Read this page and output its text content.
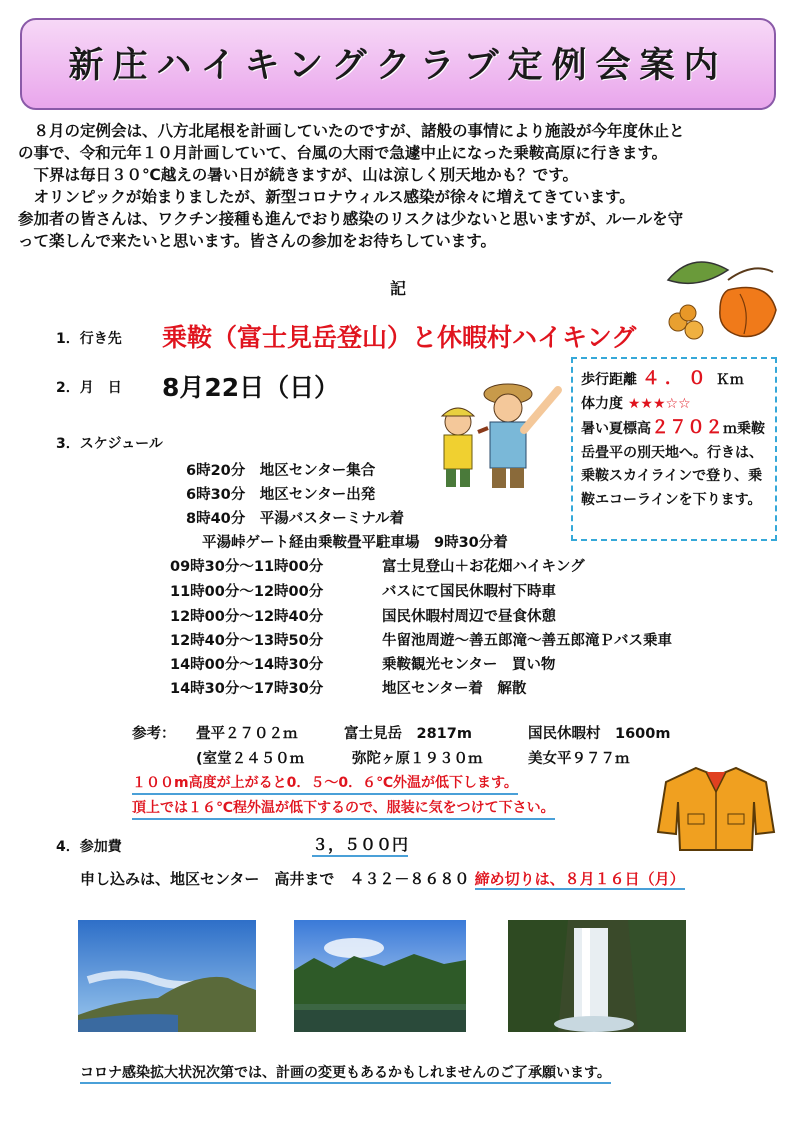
新庄ハイキングクラブ定例会案内

　８月の定例会は、八方北尾根を計画していたのですが、諸般の事情により施設が今年度休止と

の事で、令和元年１０月計画していて、台風の大雨で急遽中止になった乗鞍高原に行きます。

　下界は毎日３０℃越えの暑い日が続きますが、山は涼しく別天地かも？です。

　オリンピックが始まりましたが、新型コロナウィルス感染が徐々に増えてきています。

参加者の皆さんは、ワクチン接種も進んでおり感染のリスクは少ないと思いますが、ルールを守

って楽しんで来たいと思います。皆さんの参加をお待ちしています。

記
1．行き先 乗鞍（富士見岳登山）と休暇村ハイキング
2．月　日 8月22日（日）	歩行距離 ４．０ Ｋｍ
体力度 ★★★☆☆
暑い夏標高２７０２ｍ乗鞍岳畳平の別天地へ。行きは、乗鞍スカイラインで登り、乗鞍エコーラインを下ります。
3．スケジュール
6時20分　 地区センター集合
6時30分　 地区センター出発
8時40分　 平湯バスターミナル着
平湯峠ゲート経由乗鞍畳平駐車場　9時30分着
09時30分～11時00分	富士見登山＋お花畑ハイキング
11時00分～12時00分	バスにて国民休暇村下時車
12時00分～12時40分	国民休暇村周辺で昼食休憩
12時40分～13時50分	牛留池周遊～善五郎滝～善五郎滝Ｐバス乗車
14時00分～14時30分	乗鞍観光センター　買い物
14時30分～17時30分	地区センター着　解散
参考： 畳平２７０２ｍ	富士見岳　2817m	国民休暇村　1600m
(室堂２４５０ｍ	弥陀ヶ原１９３０ｍ	美女平９７７ｍ
１００m高度が上がると0．５～0．６℃外温が低下します。
頂上では１６℃程外温が低下するので、服装に気をつけて下さい。
4．参加費	３，５００円
申し込みは、地区センター　高井まで　４３２－８６８０ 締め切りは、８月１６日（月）
コロナ感染拡大状況次第では、計画の変更もあるかもしれませんのご了承願います。
